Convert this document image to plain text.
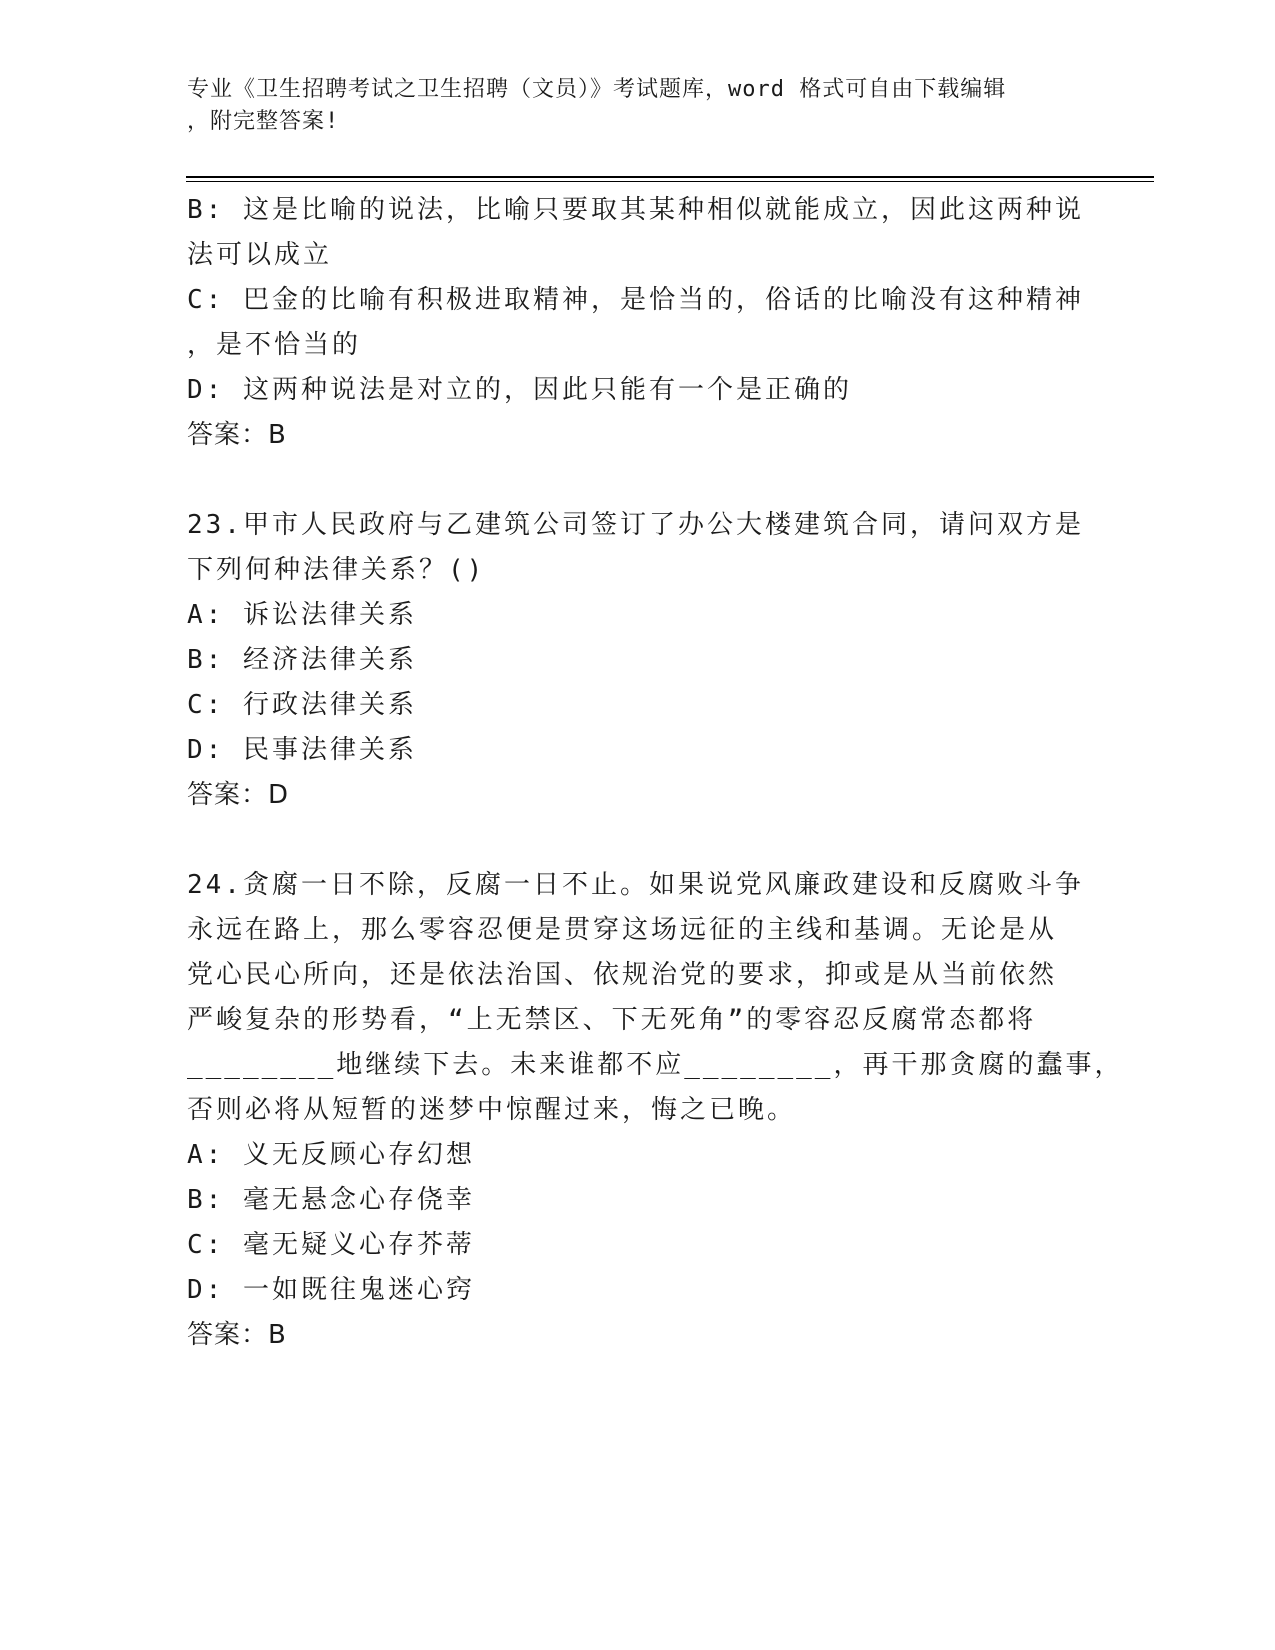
专业《卫生招聘考试之卫生招聘（文员）》考试题库，word 格式可自由下载编辑
，附完整答案!
B: 这是比喻的说法，比喻只要取其某种相似就能成立，因此这两种说
法可以成立
C: 巴金的比喻有积极进取精神，是恰当的，俗话的比喻没有这种精神
，是不恰当的
D: 这两种说法是对立的，因此只能有一个是正确的
答案：B
23.甲市人民政府与乙建筑公司签订了办公大楼建筑合同，请问双方是
下列何种法律关系？()
A: 诉讼法律关系
B: 经济法律关系
C: 行政法律关系
D: 民事法律关系
答案：D
24.贪腐一日不除，反腐一日不止。如果说党风廉政建设和反腐败斗争
永远在路上，那么零容忍便是贯穿这场远征的主线和基调。无论是从
党心民心所向，还是依法治国、依规治党的要求，抑或是从当前依然
严峻复杂的形势看，“上无禁区、下无死角”的零容忍反腐常态都将
________地继续下去。未来谁都不应________，再干那贪腐的蠢事，
否则必将从短暂的迷梦中惊醒过来，悔之已晚。
A: 义无反顾心存幻想
B: 毫无悬念心存侥幸
C: 毫无疑义心存芥蒂
D: 一如既往鬼迷心窍
答案：B
